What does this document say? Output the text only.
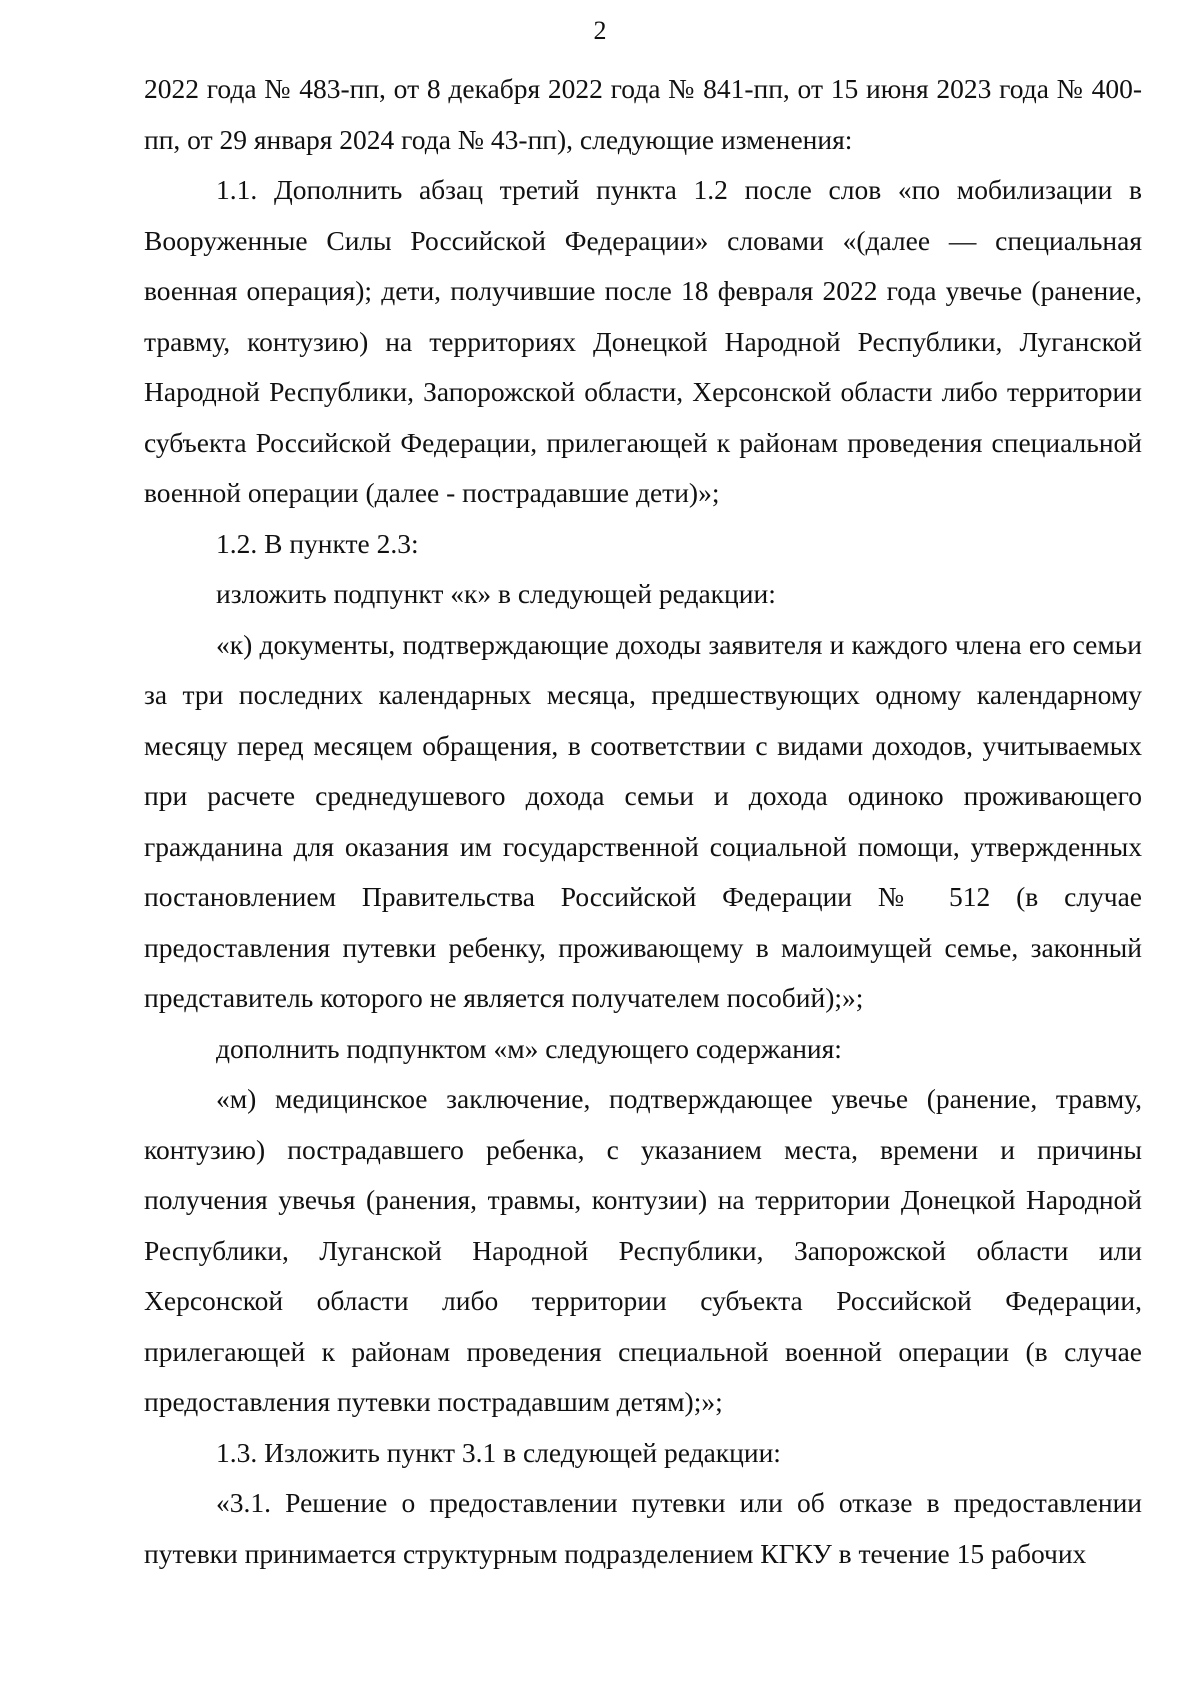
2

2022 года № 483-пп, от 8 декабря 2022 года № 841-пп, от 15 июня 2023 года № 400-пп, от 29 января 2024 года № 43-пп), следующие изменения:

1.1. Дополнить абзац третий пункта 1.2 после слов «по мобилизации в Вооруженные Силы Российской Федерации» словами «(далее — специальная военная операция); дети, получившие после 18 февраля 2022 года увечье (ранение, травму, контузию) на территориях Донецкой Народной Республики, Луганской Народной Республики, Запорожской области, Херсонской области либо территории субъекта Российской Федерации, прилегающей к районам проведения специальной военной операции (далее - пострадавшие дети)»;

1.2. В пункте 2.3:

изложить подпункт «к» в следующей редакции:

«к) документы, подтверждающие доходы заявителя и каждого члена его семьи за три последних календарных месяца, предшествующих одному календарному месяцу перед месяцем обращения, в соответствии с видами доходов, учитываемых при расчете среднедушевого дохода семьи и дохода одиноко проживающего гражданина для оказания им государственной социальной помощи, утвержденных постановлением Правительства Российской Федерации № 512 (в случае предоставления путевки ребенку, проживающему в малоимущей семье, законный представитель которого не является получателем пособий);»;

дополнить подпунктом «м» следующего содержания:

«м) медицинское заключение, подтверждающее увечье (ранение, травму, контузию) пострадавшего ребенка, с указанием места, времени и причины получения увечья (ранения, травмы, контузии) на территории Донецкой Народной Республики, Луганской Народной Республики, Запорожской области или Херсонской области либо территории субъекта Российской Федерации, прилегающей к районам проведения специальной военной операции (в случае предоставления путевки пострадавшим детям);»;

1.3. Изложить пункт 3.1 в следующей редакции:

«3.1. Решение о предоставлении путевки или об отказе в предоставлении путевки принимается структурным подразделением КГКУ в течение 15 рабочих
